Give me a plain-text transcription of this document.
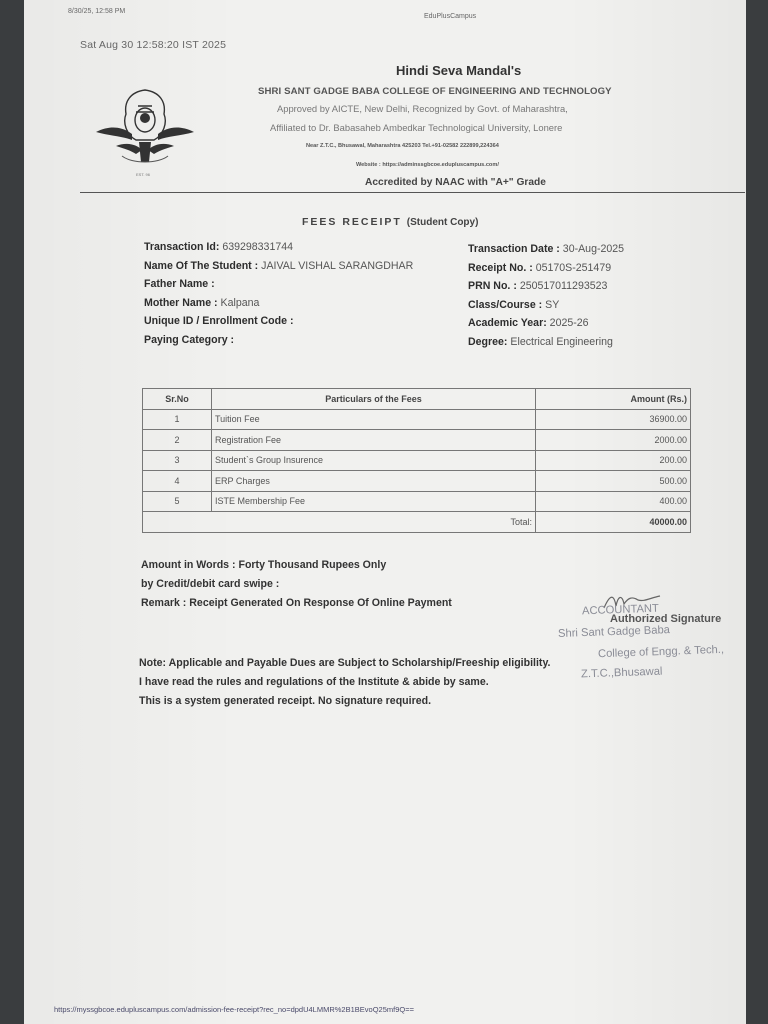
8/30/25, 12:58 PM
EduPlusCampus
Sat Aug 30 12:58:20 IST 2025
EST. 96
Hindi Seva Mandal's
SHRI SANT GADGE BABA COLLEGE OF ENGINEERING AND TECHNOLOGY
Approved by AICTE, New Delhi, Recognized by Govt. of Maharashtra,
Affiliated to Dr. Babasaheb Ambedkar Technological University, Lonere
Near Z.T.C., Bhusawal, Maharashtra 425203 Tel.+91-02582 222899,224364
Website : https://adminssgbcoe.edupluscampus.com/
Accredited by NAAC with "A+" Grade
FEES RECEIPT (Student Copy)
Transaction Id: 639298331744
Name Of The Student : JAIVAL VISHAL SARANGDHAR
Father Name :
Mother Name : Kalpana
Unique ID / Enrollment Code :
Paying Category :
Transaction Date : 30-Aug-2025
Receipt No. : 05170S-251479
PRN No. : 250517011293523
Class/Course : SY
Academic Year: 2025-26
Degree: Electrical Engineering
Sr.No	Particulars of the Fees	Amount (Rs.)
1	Tuition Fee	36900.00
2	Registration Fee	2000.00
3	Student`s Group Insurence	200.00
4	ERP Charges	500.00
5	ISTE Membership Fee	400.00
Total:		40000.00
Amount in Words : Forty Thousand Rupees Only
by Credit/debit card swipe :
Remark : Receipt Generated On Response Of Online Payment
Note: Applicable and Payable Dues are Subject to Scholarship/Freeship eligibility.
I have read the rules and regulations of the Institute & abide by same.
This is a system generated receipt. No signature required.
ACCOUNTANT
Authorized Signature
Shri Sant Gadge Baba
College of Engg. & Tech.,
Z.T.C.,Bhusawal
https://myssgbcoe.edupluscampus.com/admission-fee-receipt?rec_no=dpdU4LMMR%2B1BEvoQ25mf9Q==
